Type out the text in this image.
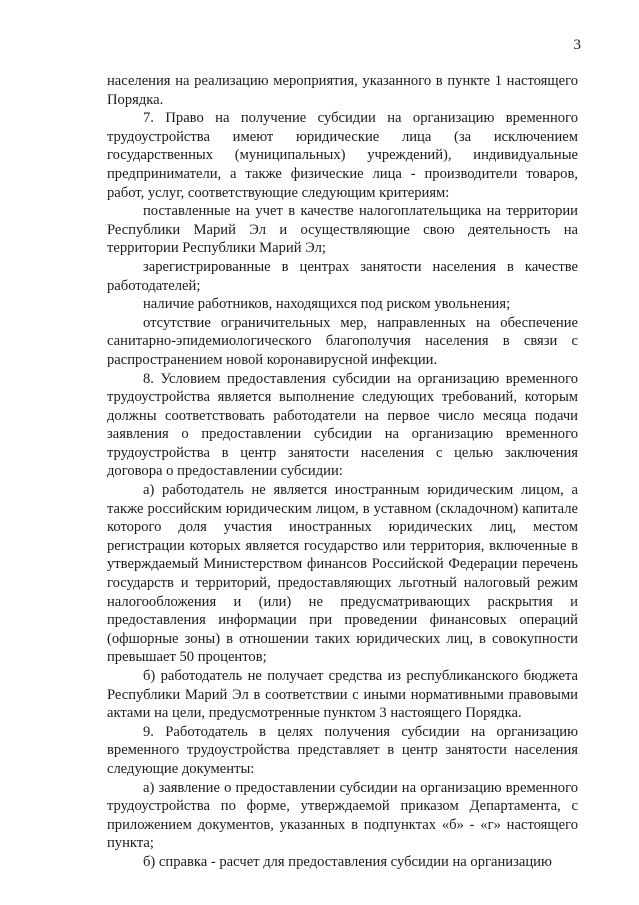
3

населения на реализацию мероприятия, указанного в пункте 1 настоящего Порядка.

7. Право на получение субсидии на организацию временного трудоустройства имеют юридические лица (за исключением государственных (муниципальных) учреждений), индивидуальные предприниматели, а также физические лица - производители товаров, работ, услуг, соответствующие следующим критериям:

поставленные на учет в качестве налогоплательщика на территории Республики Марий Эл и осуществляющие свою деятельность на территории Республики Марий Эл;

зарегистрированные в центрах занятости населения в качестве работодателей;

наличие работников, находящихся под риском увольнения;

отсутствие ограничительных мер, направленных на обеспечение санитарно-эпидемиологического благополучия населения в связи с распространением новой коронавирусной инфекции.

8. Условием предоставления субсидии на организацию временного трудоустройства является выполнение следующих требований, которым должны соответствовать работодатели на первое число месяца подачи заявления о предоставлении субсидии на организацию временного трудоустройства в центр занятости населения с целью заключения договора о предоставлении субсидии:

а) работодатель не является иностранным юридическим лицом, а также российским юридическим лицом, в уставном (складочном) капитале которого доля участия иностранных юридических лиц, местом регистрации которых является государство или территория, включенные в утверждаемый Министерством финансов Российской Федерации перечень государств и территорий, предоставляющих льготный налоговый режим налогообложения и (или) не предусматривающих раскрытия и предоставления информации при проведении финансовых операций (офшорные зоны) в отношении таких юридических лиц, в совокупности превышает 50 процентов;

б) работодатель не получает средства из республиканского бюджета Республики Марий Эл в соответствии с иными нормативными правовыми актами на цели, предусмотренные пунктом 3 настоящего Порядка.

9. Работодатель в целях получения субсидии на организацию временного трудоустройства представляет в центр занятости населения следующие документы:

а) заявление о предоставлении субсидии на организацию временного трудоустройства по форме, утверждаемой приказом Департамента, с приложением документов, указанных в подпунктах «б» - «г» настоящего пункта;

б) справка - расчет для предоставления субсидии на организацию
